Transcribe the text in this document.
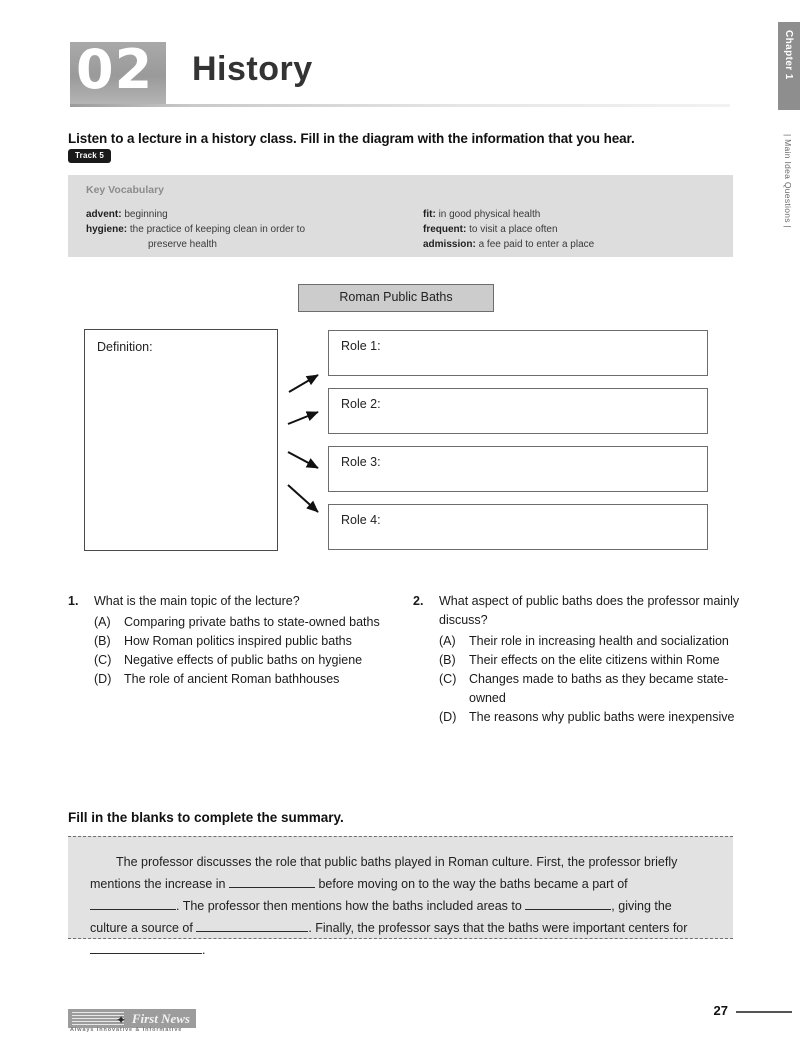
Chapter 1
| Main Idea Questions |
02 History
Listen to a lecture in a history class. Fill in the diagram with the information that you hear.
Track 5
Key Vocabulary
advent: beginning
hygiene: the practice of keeping clean in order to
preserve health
fit: in good physical health
frequent: to visit a place often
admission: a fee paid to enter a place
Roman Public Baths
Definition:	Role 1:
Role 2:
Role 3:
Role 4:
1. What is the main topic of the lecture?
(A) Comparing private baths to state-owned baths
(B) How Roman politics inspired public baths
(C) Negative effects of public baths on hygiene
(D) The role of ancient Roman bathhouses
2. What aspect of public baths does the professor mainly discuss?
(A) Their role in increasing health and socialization
(B) Their effects on the elite citizens within Rome
(C) Changes made to baths as they became state-owned
(D) The reasons why public baths were inexpensive
Fill in the blanks to complete the summary.
The professor discusses the role that public baths played in Roman culture. First, the professor briefly mentions the increase in	before moving on to the way the baths became a part of . The professor then mentions how the baths included areas to	, giving the culture a source of	. Finally, the professor says that the baths were important centers for .
✦ First News
Always Innovative & Informative
27
